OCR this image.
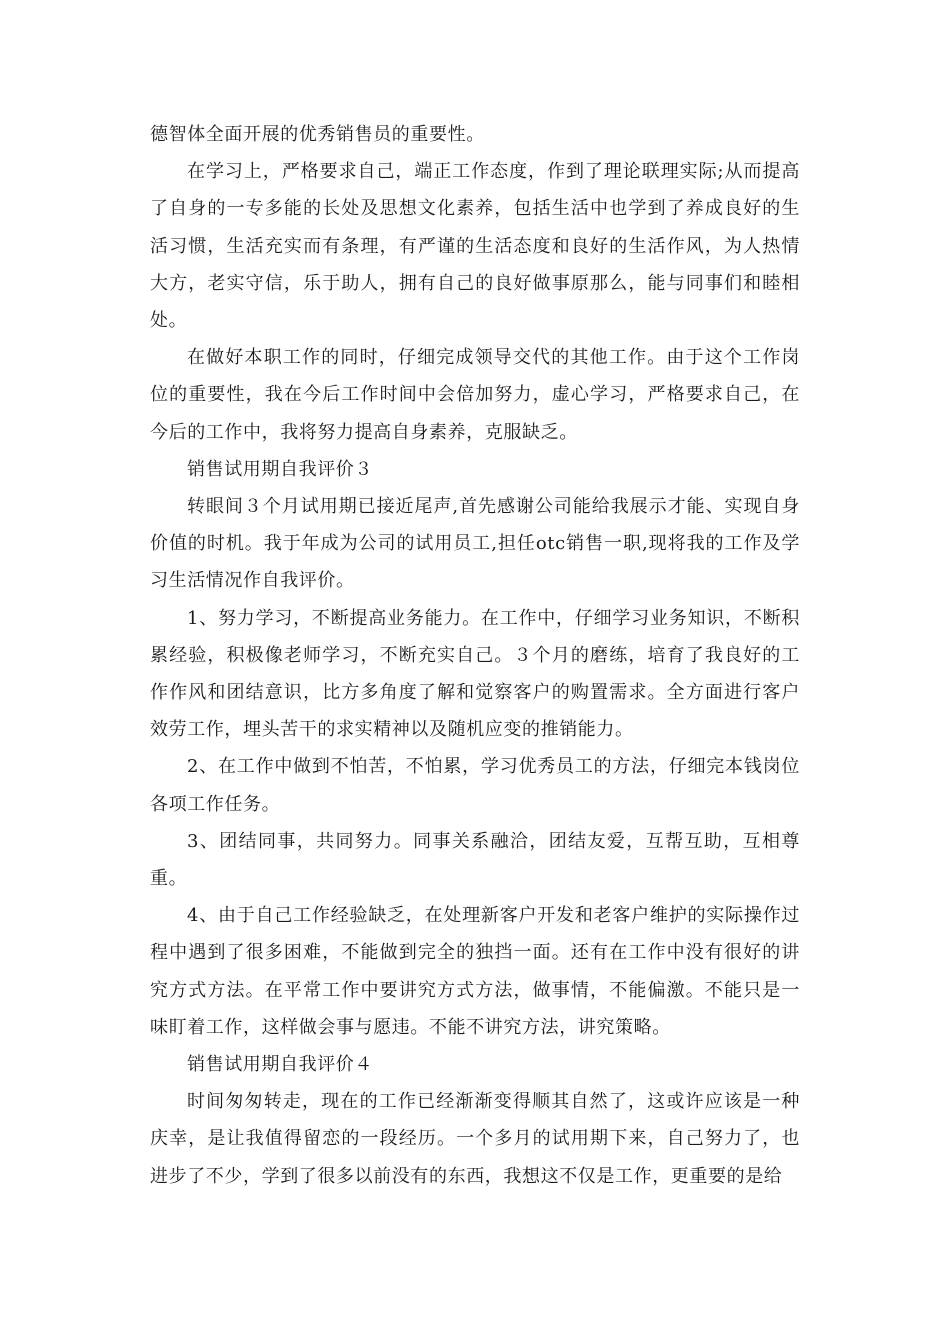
德智体全面开展的优秀销售员的重要性。

在学习上，严格要求自己，端正工作态度，作到了理论联理实际;从而提高了自身的一专多能的长处及思想文化素养，包括生活中也学到了养成良好的生活习惯，生活充实而有条理，有严谨的生活态度和良好的生活作风，为人热情大方，老实守信，乐于助人，拥有自己的良好做事原那么，能与同事们和睦相处。

在做好本职工作的同时，仔细完成领导交代的其他工作。由于这个工作岗位的重要性，我在今后工作时间中会倍加努力，虚心学习，严格要求自己，在今后的工作中，我将努力提高自身素养，克服缺乏。

销售试用期自我评价３

转眼间３个月试用期已接近尾声,首先感谢公司能给我展示才能、实现自身价值的时机。我于年成为公司的试用员工,担任otc销售一职,现将我的工作及学习生活情况作自我评价。

1、努力学习，不断提高业务能力。在工作中，仔细学习业务知识，不断积累经验，积极像老师学习，不断充实自己。３个月的磨练，培育了我良好的工作作风和团结意识，比方多角度了解和觉察客户的购置需求。全方面进行客户效劳工作，埋头苦干的求实精神以及随机应变的推销能力。

2、在工作中做到不怕苦，不怕累，学习优秀员工的方法，仔细完本钱岗位各项工作任务。

3、团结同事，共同努力。同事关系融洽，团结友爱，互帮互助，互相尊重。

4、由于自己工作经验缺乏，在处理新客户开发和老客户维护的实际操作过程中遇到了很多困难，不能做到完全的独挡一面。还有在工作中没有很好的讲究方式方法。在平常工作中要讲究方式方法，做事情，不能偏激。不能只是一味盯着工作，这样做会事与愿违。不能不讲究方法，讲究策略。

销售试用期自我评价４

时间匆匆转走，现在的工作已经渐渐变得顺其自然了，这或许应该是一种庆幸，是让我值得留恋的一段经历。一个多月的试用期下来，自己努力了，也进步了不少，学到了很多以前没有的东西，我想这不仅是工作，更重要的是给
